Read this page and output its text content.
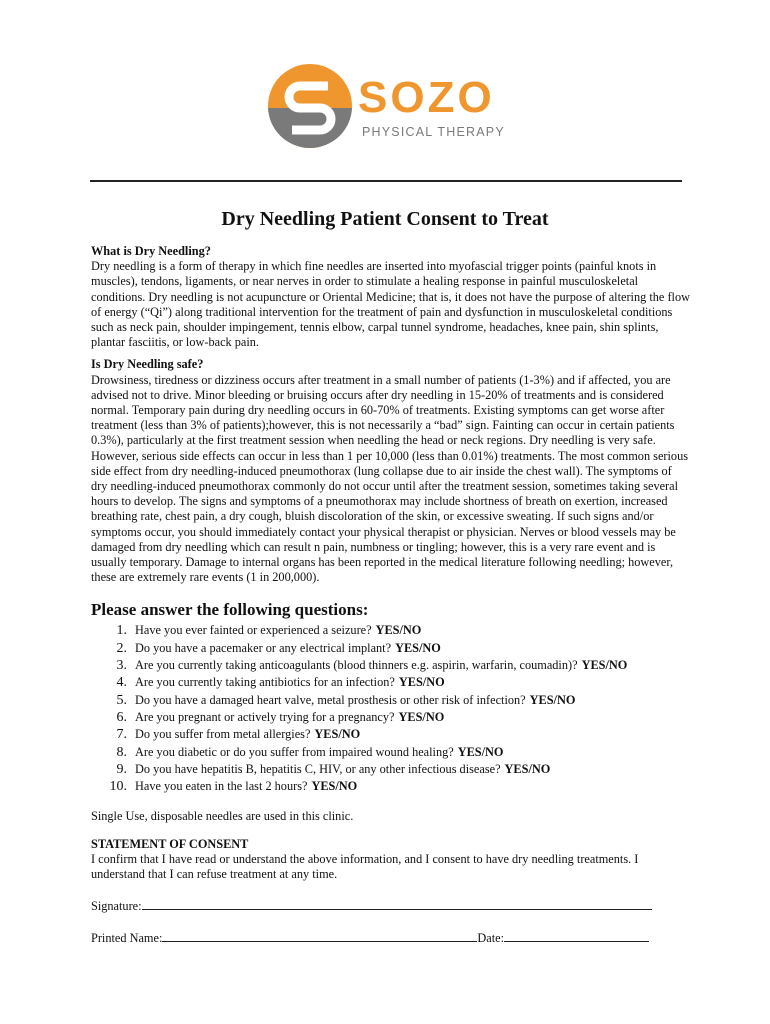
SOZO
PHYSICAL THERAPY
Dry Needling Patient Consent to Treat
What is Dry Needling?

Dry needling is a form of therapy in which fine needles are inserted into myofascial trigger points (painful knots in muscles), tendons, ligaments, or near nerves in order to stimulate a healing response in painful musculoskeletal conditions. Dry needling is not acupuncture or Oriental Medicine; that is, it does not have the purpose of altering the flow of energy (“Qi”) along traditional intervention for the treatment of pain and dysfunction in musculoskeletal conditions such as neck pain, shoulder impingement, tennis elbow, carpal tunnel syndrome, headaches, knee pain, shin splints, plantar fasciitis, or low-back pain.

Is Dry Needling safe?

Drowsiness, tiredness or dizziness occurs after treatment in a small number of patients (1-3%) and if affected, you are advised not to drive. Minor bleeding or bruising occurs after dry needling in 15-20% of treatments and is considered normal. Temporary pain during dry needling occurs in 60-70% of treatments. Existing symptoms can get worse after treatment (less than 3% of patients);however, this is not necessarily a “bad” sign. Fainting can occur in certain patients 0.3%), particularly at the first treatment session when needling the head or neck regions. Dry needling is very safe. However, serious side effects can occur in less than 1 per 10,000 (less than 0.01%) treatments. The most common serious side effect from dry needling-induced pneumothorax (lung collapse due to air inside the chest wall). The symptoms of dry needling-induced pneumothorax commonly do not occur until after the treatment session, sometimes taking several hours to develop. The signs and symptoms of a pneumothorax may include shortness of breath on exertion, increased breathing rate, chest pain, a dry cough, bluish discoloration of the skin, or excessive sweating. If such signs and/or symptoms occur, you should immediately contact your physical therapist or physician. Nerves or blood vessels may be damaged from dry needling which can result n pain, numbness or tingling; however, this is a very rare event and is usually temporary. Damage to internal organs has been reported in the medical literature following needling; however, these are extremely rare events (1 in 200,000).

Please answer the following questions:
1. Have you ever fainted or experienced a seizure? YES/NO
2. Do you have a pacemaker or any electrical implant? YES/NO
3. Are you currently taking anticoagulants (blood thinners e.g. aspirin, warfarin, coumadin)? YES/NO
4. Are you currently taking antibiotics for an infection? YES/NO
5. Do you have a damaged heart valve, metal prosthesis or other risk of infection? YES/NO
6. Are you pregnant or actively trying for a pregnancy? YES/NO
7. Do you suffer from metal allergies? YES/NO
8. Are you diabetic or do you suffer from impaired wound healing? YES/NO
9. Do you have hepatitis B, hepatitis C, HIV, or any other infectious disease? YES/NO
10. Have you eaten in the last 2 hours? YES/NO
Single Use, disposable needles are used in this clinic.
STATEMENT OF CONSENT

I confirm that I have read or understand the above information, and I consent to have dry needling treatments. I understand that I can refuse treatment at any time.

Signature:
Printed Name:	Date:
